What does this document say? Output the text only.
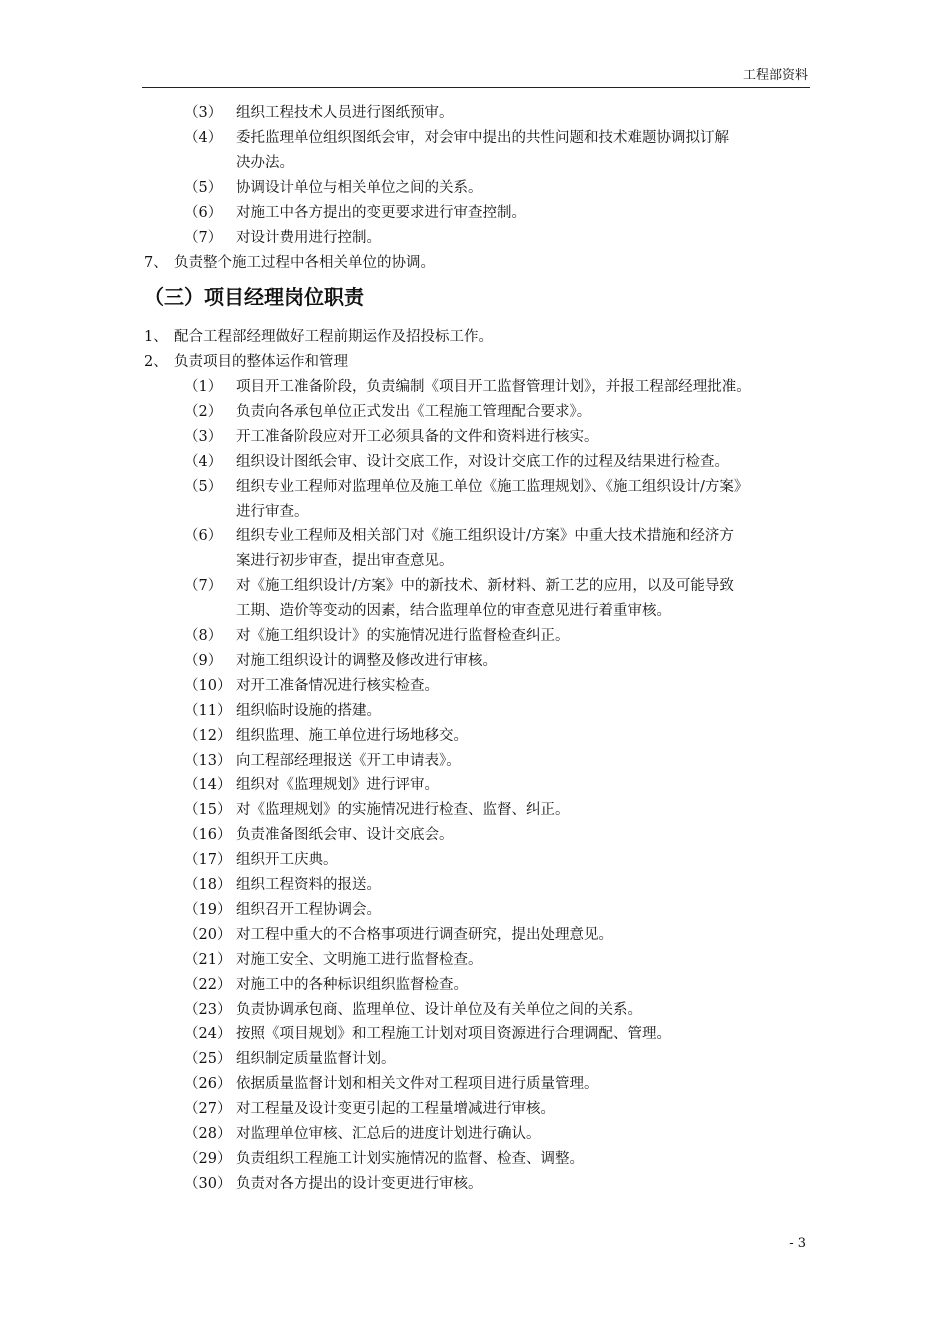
工程部资料
（3） 组织工程技术人员进行图纸预审。
（4） 委托监理单位组织图纸会审，对会审中提出的共性问题和技术难题协调拟订解
决办法。
（5） 协调设计单位与相关单位之间的关系。
（6） 对施工中各方提出的变更要求进行审查控制。
（7） 对设计费用进行控制。
7、 负责整个施工过程中各相关单位的协调。
（三）项目经理岗位职责
1、 配合工程部经理做好工程前期运作及招投标工作。
2、 负责项目的整体运作和管理
（1） 项目开工准备阶段，负责编制《项目开工监督管理计划》，并报工程部经理批准。
（2） 负责向各承包单位正式发出《工程施工管理配合要求》。
（3） 开工准备阶段应对开工必须具备的文件和资料进行核实。
（4） 组织设计图纸会审、设计交底工作，对设计交底工作的过程及结果进行检查。
（5） 组织专业工程师对监理单位及施工单位《施工监理规划》、《施工组织设计/方案》
进行审查。
（6） 组织专业工程师及相关部门对《施工组织设计/方案》中重大技术措施和经济方
案进行初步审查，提出审查意见。
（7） 对《施工组织设计/方案》中的新技术、新材料、新工艺的应用，以及可能导致
工期、造价等变动的因素，结合监理单位的审查意见进行着重审核。
（8） 对《施工组织设计》的实施情况进行监督检查纠正。
（9） 对施工组织设计的调整及修改进行审核。
（10） 对开工准备情况进行核实检查。
（11） 组织临时设施的搭建。
（12） 组织监理、施工单位进行场地移交。
（13） 向工程部经理报送《开工申请表》。
（14） 组织对《监理规划》进行评审。
（15） 对《监理规划》的实施情况进行检查、监督、纠正。
（16） 负责准备图纸会审、设计交底会。
（17） 组织开工庆典。
（18） 组织工程资料的报送。
（19） 组织召开工程协调会。
（20） 对工程中重大的不合格事项进行调查研究，提出处理意见。
（21） 对施工安全、文明施工进行监督检查。
（22） 对施工中的各种标识组织监督检查。
（23） 负责协调承包商、监理单位、设计单位及有关单位之间的关系。
（24） 按照《项目规划》和工程施工计划对项目资源进行合理调配、管理。
（25） 组织制定质量监督计划。
（26） 依据质量监督计划和相关文件对工程项目进行质量管理。
（27） 对工程量及设计变更引起的工程量增减进行审核。
（28） 对监理单位审核、汇总后的进度计划进行确认。
（29） 负责组织工程施工计划实施情况的监督、检查、调整。
（30） 负责对各方提出的设计变更进行审核。
- 3
